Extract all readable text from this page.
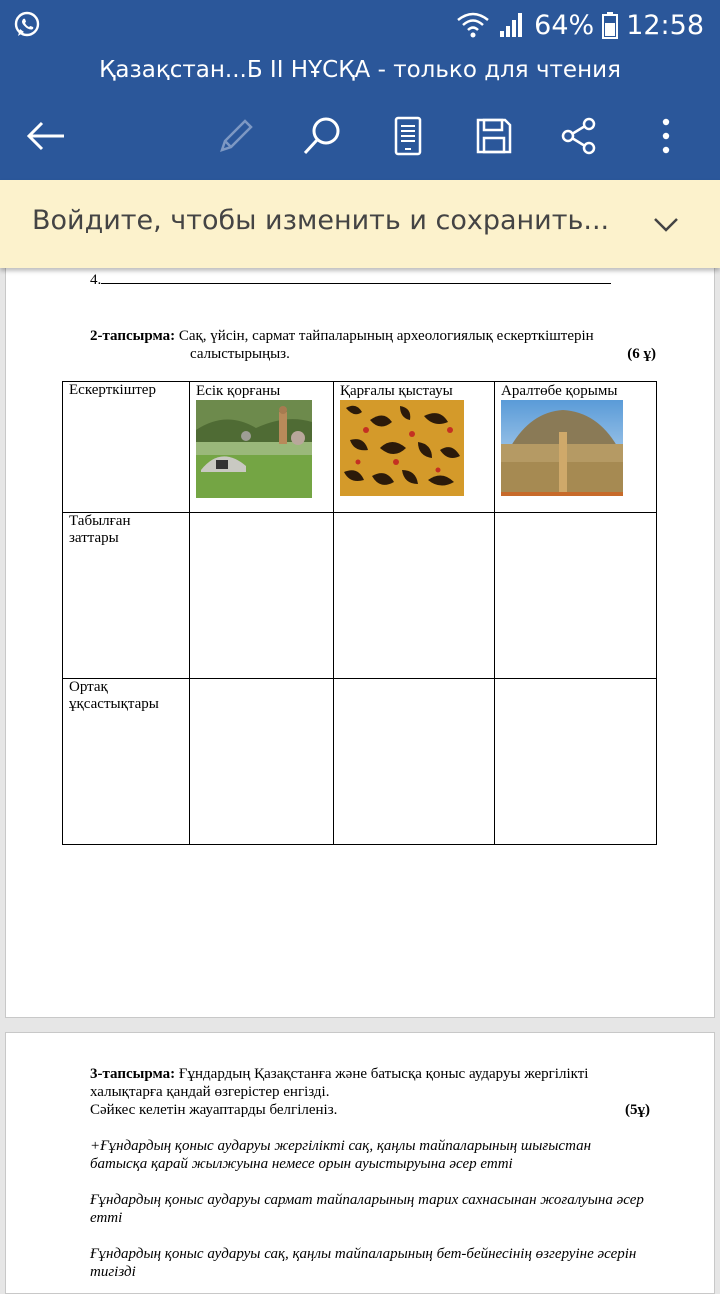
64% 12:58
Қазақстан...Б II НҰСҚА - только для чтения
Войдите, чтобы изменить и сохранить...
4.
2-тапсырма: Сақ, үйсін, сармат тайпаларының археологиялық ескерткіштерін
салыстырыңыз.	(6 ұ)
Ескерткіштер	Есік қорғаны	Қарғалы қыстауы	Аралтөбе қорымы

Табылған заттары			
Ортақ ұқсастықтары			
3-тапсырма: Ғұндардың Қазақстанға және батысқа қоныс аударуы жергілікті
халықтарға қандай өзгерістер енгізді.
Сәйкес келетін жауаптарды белгіленіз.	(5ұ)
+Ғұндардың қоныс аударуы жергілікті сақ, қаңлы тайпаларының шығыстан батысқа қарай жылжуына немесе орын ауыстыруына әсер етті
Ғұндардың қоныс аударуы сармат тайпаларының тарих сахнасынан жоғалуына әсер етті
Ғұндардың қоныс аударуы сақ, қаңлы тайпаларының бет-бейнесінің өзгеруіне әсерін тигізді
